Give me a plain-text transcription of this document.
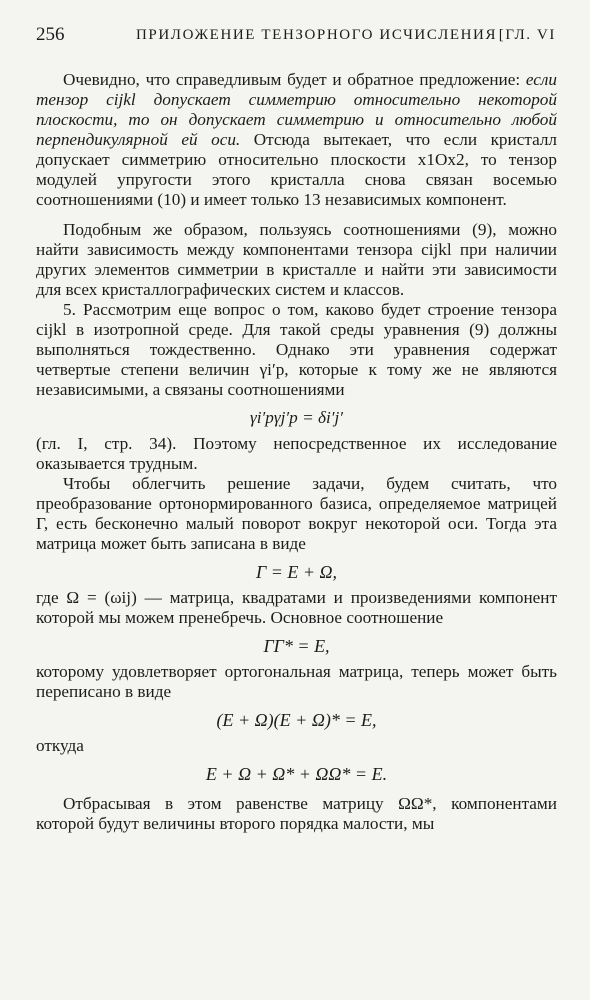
256	ПРИЛОЖЕНИЕ ТЕНЗОРНОГО ИСЧИСЛЕНИЯ [ГЛ. VI
Очевидно, что справедливым будет и обратное предложение: если тензор cijkl допускает симметрию относительно некоторой плоскости, то он допускает симметрию и относительно любой перпендикулярной ей оси. Отсюда вытекает, что если кристалл допускает симметрию относительно плоскости x1Ox2, то тензор модулей упругости этого кристалла снова связан восемью соотношениями (10) и имеет только 13 независимых компонент.
Подобным же образом, пользуясь соотношениями (9), можно найти зависимость между компонентами тензора cijkl при наличии других элементов симметрии в кристалле и найти эти зависимости для всех кристаллографических систем и классов.
5. Рассмотрим еще вопрос о том, каково будет строение тензора cijkl в изотропной среде. Для такой среды уравнения (9) должны выполняться тождественно. Однако эти уравнения содержат четвертые степени величин γi′p, которые к тому же не являются независимыми, а связаны соотношениями
γi′pγj′p = δi′j′
(гл. I, стр. 34). Поэтому непосредственное их исследование оказывается трудным.
Чтобы облегчить решение задачи, будем считать, что преобразование ортонормированного базиса, определяемое матрицей Γ, есть бесконечно малый поворот вокруг некоторой оси. Тогда эта матрица может быть записана в виде
Γ = E + Ω,
где Ω = (ωij) — матрица, квадратами и произведениями компонент которой мы можем пренебречь. Основное соотношение
ΓΓ* = E,
которому удовлетворяет ортогональная матрица, теперь может быть переписано в виде
(E + Ω)(E + Ω)* = E,
откуда
E + Ω + Ω* + ΩΩ* = E.
Отбрасывая в этом равенстве матрицу ΩΩ*, компонентами которой будут величины второго порядка малости, мы
